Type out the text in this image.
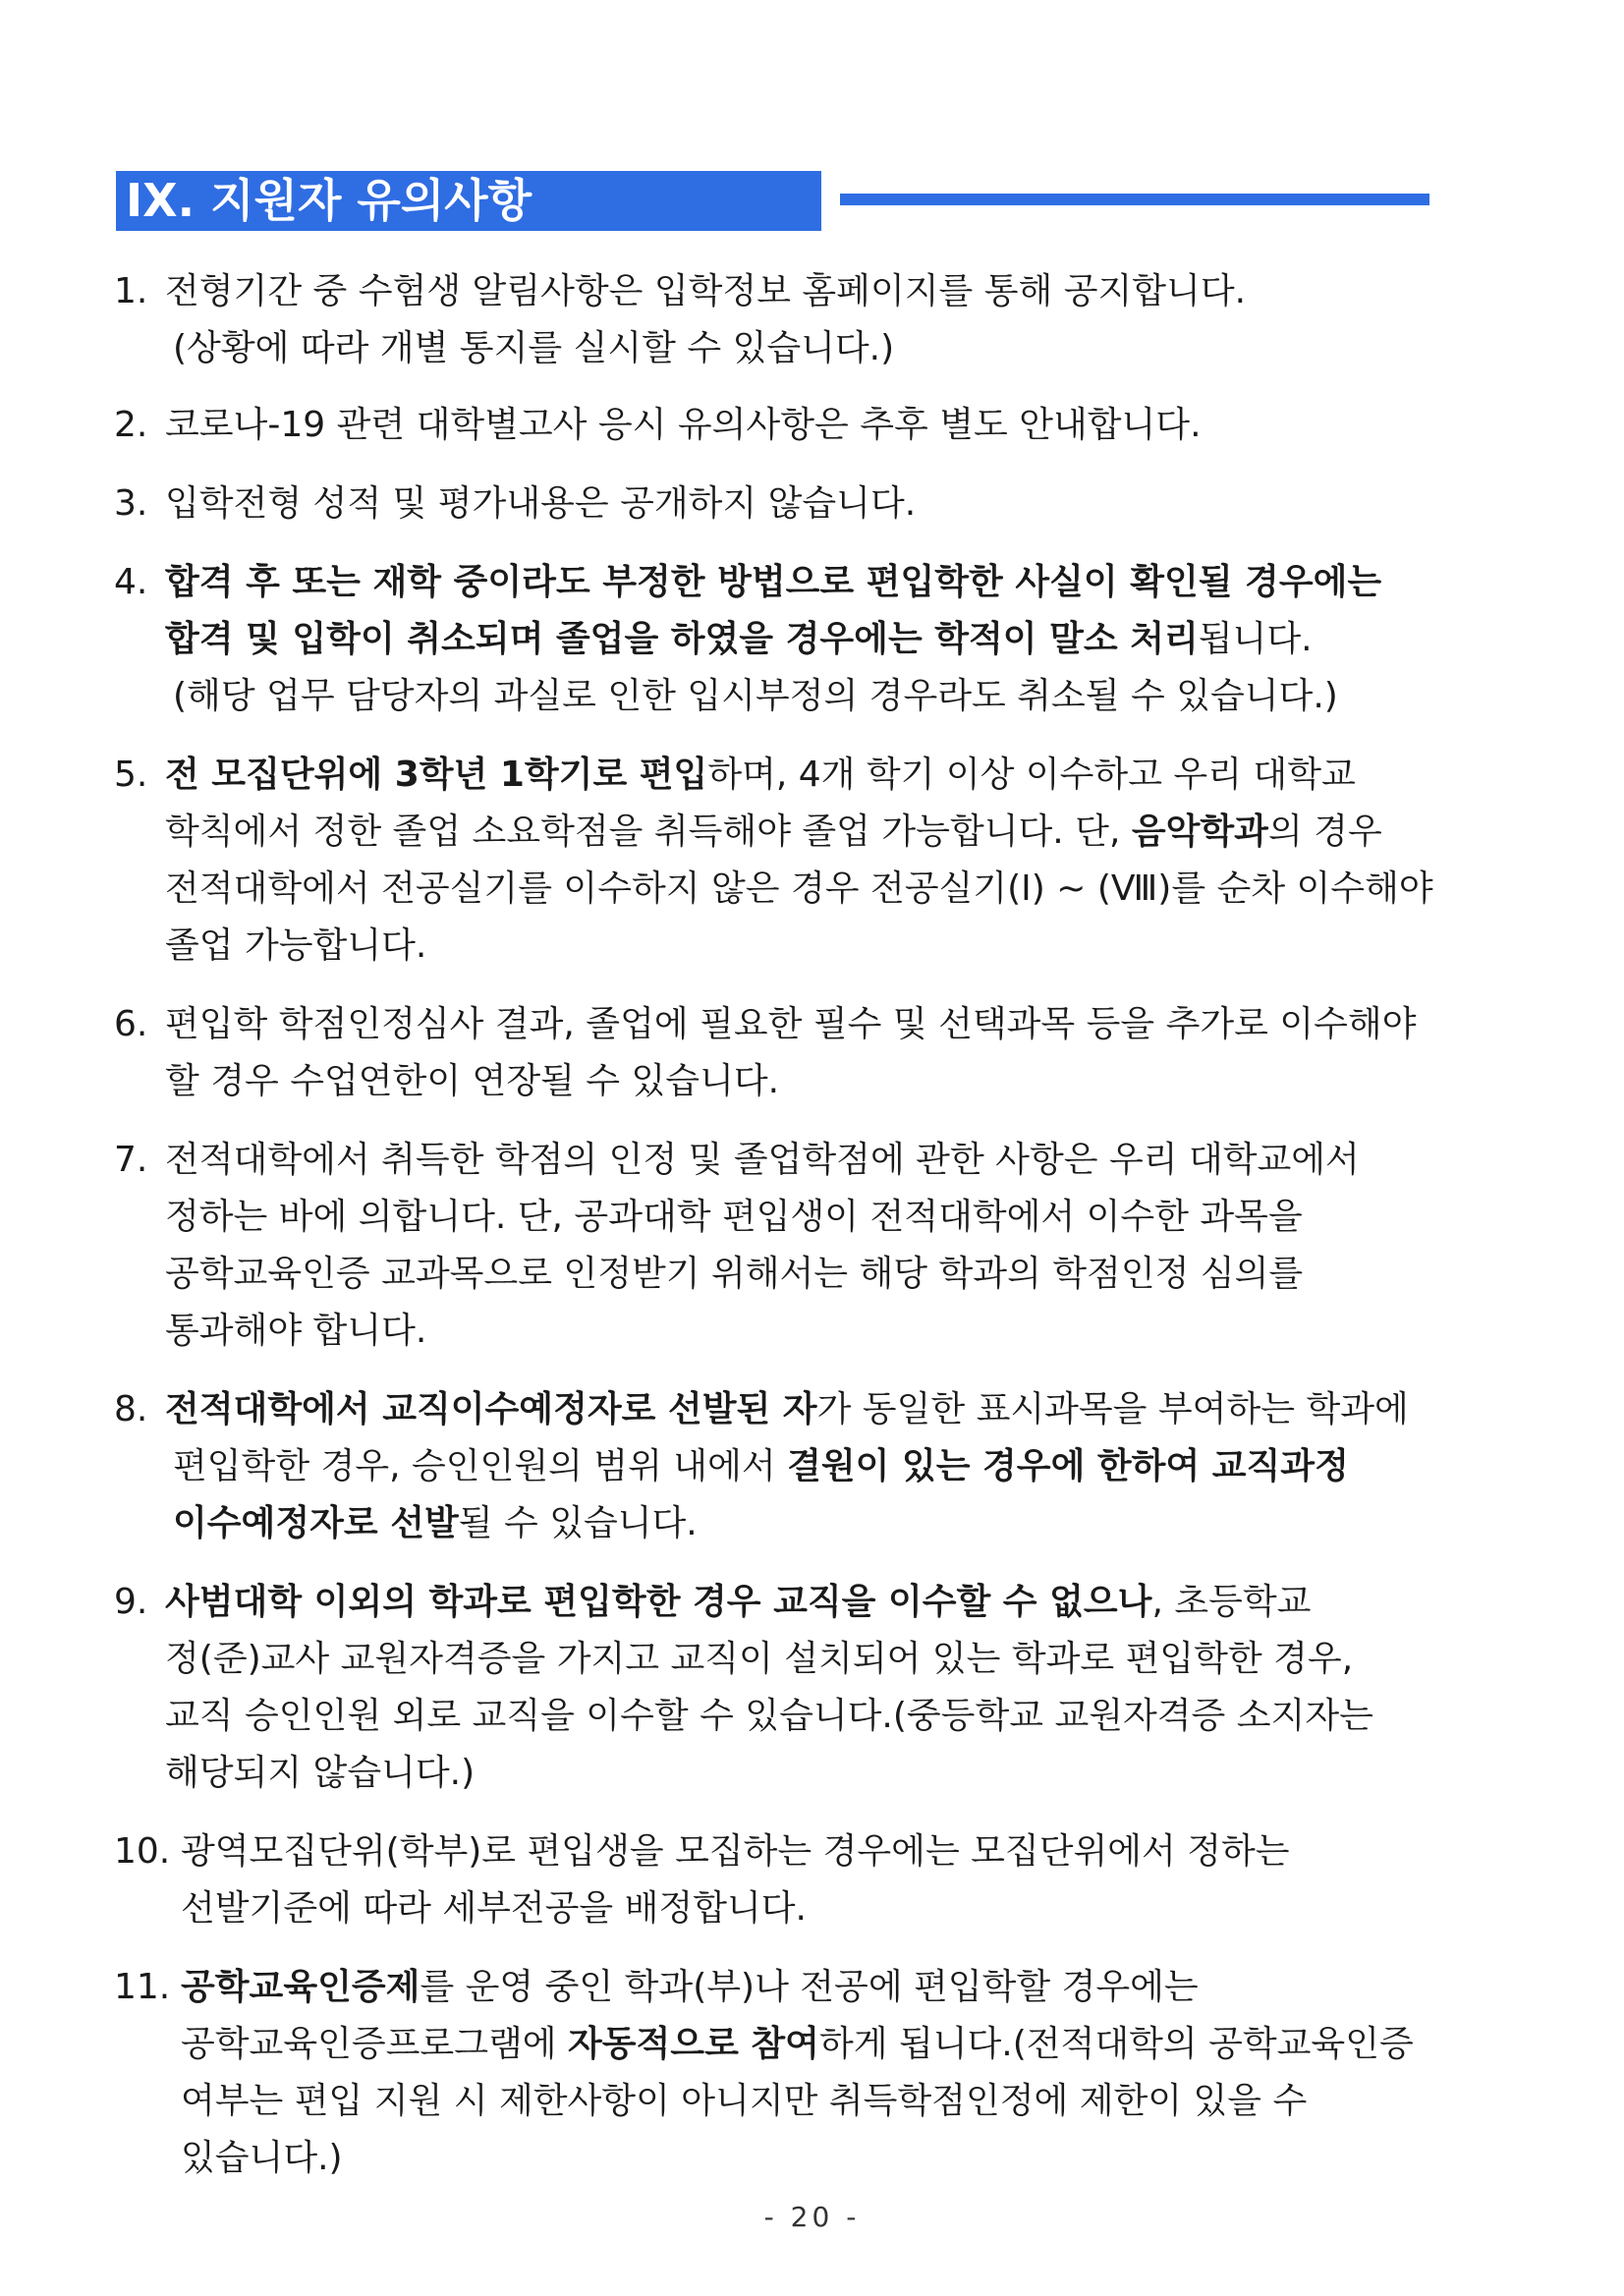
IX. 지원자 유의사항
1. 전형기간 중 수험생 알림사항은 입학정보 홈페이지를 통해 공지합니다.

(상황에 따라 개별 통지를 실시할 수 있습니다.)

2. 코로나-19 관련 대학별고사 응시 유의사항은 추후 별도 안내합니다.

3. 입학전형 성적 및 평가내용은 공개하지 않습니다.

4. 합격 후 또는 재학 중이라도 부정한 방법으로 편입학한 사실이 확인될 경우에는

합격 및 입학이 취소되며 졸업을 하였을 경우에는 학적이 말소 처리됩니다.

(해당 업무 담당자의 과실로 인한 입시부정의 경우라도 취소될 수 있습니다.)

5. 전 모집단위에 3학년 1학기로 편입하며, 4개 학기 이상 이수하고 우리 대학교

학칙에서 정한 졸업 소요학점을 취득해야 졸업 가능합니다. 단, 음악학과의 경우

전적대학에서 전공실기를 이수하지 않은 경우 전공실기(Ⅰ) ~ (Ⅷ)를 순차 이수해야

졸업 가능합니다.

6. 편입학 학점인정심사 결과, 졸업에 필요한 필수 및 선택과목 등을 추가로 이수해야

할 경우 수업연한이 연장될 수 있습니다.

7. 전적대학에서 취득한 학점의 인정 및 졸업학점에 관한 사항은 우리 대학교에서

정하는 바에 의합니다. 단, 공과대학 편입생이 전적대학에서 이수한 과목을

공학교육인증 교과목으로 인정받기 위해서는 해당 학과의 학점인정 심의를

통과해야 합니다.

8. 전적대학에서 교직이수예정자로 선발된 자가 동일한 표시과목을 부여하는 학과에

편입학한 경우, 승인인원의 범위 내에서 결원이 있는 경우에 한하여 교직과정

이수예정자로 선발될 수 있습니다.

9. 사범대학 이외의 학과로 편입학한 경우 교직을 이수할 수 없으나, 초등학교

정(준)교사 교원자격증을 가지고 교직이 설치되어 있는 학과로 편입학한 경우,

교직 승인인원 외로 교직을 이수할 수 있습니다.(중등학교 교원자격증 소지자는

해당되지 않습니다.)

10. 광역모집단위(학부)로 편입생을 모집하는 경우에는 모집단위에서 정하는

선발기준에 따라 세부전공을 배정합니다.

11. 공학교육인증제를 운영 중인 학과(부)나 전공에 편입학할 경우에는

공학교육인증프로그램에 자동적으로 참여하게 됩니다.(전적대학의 공학교육인증

여부는 편입 지원 시 제한사항이 아니지만 취득학점인정에 제한이 있을 수

있습니다.)

- 20 -
